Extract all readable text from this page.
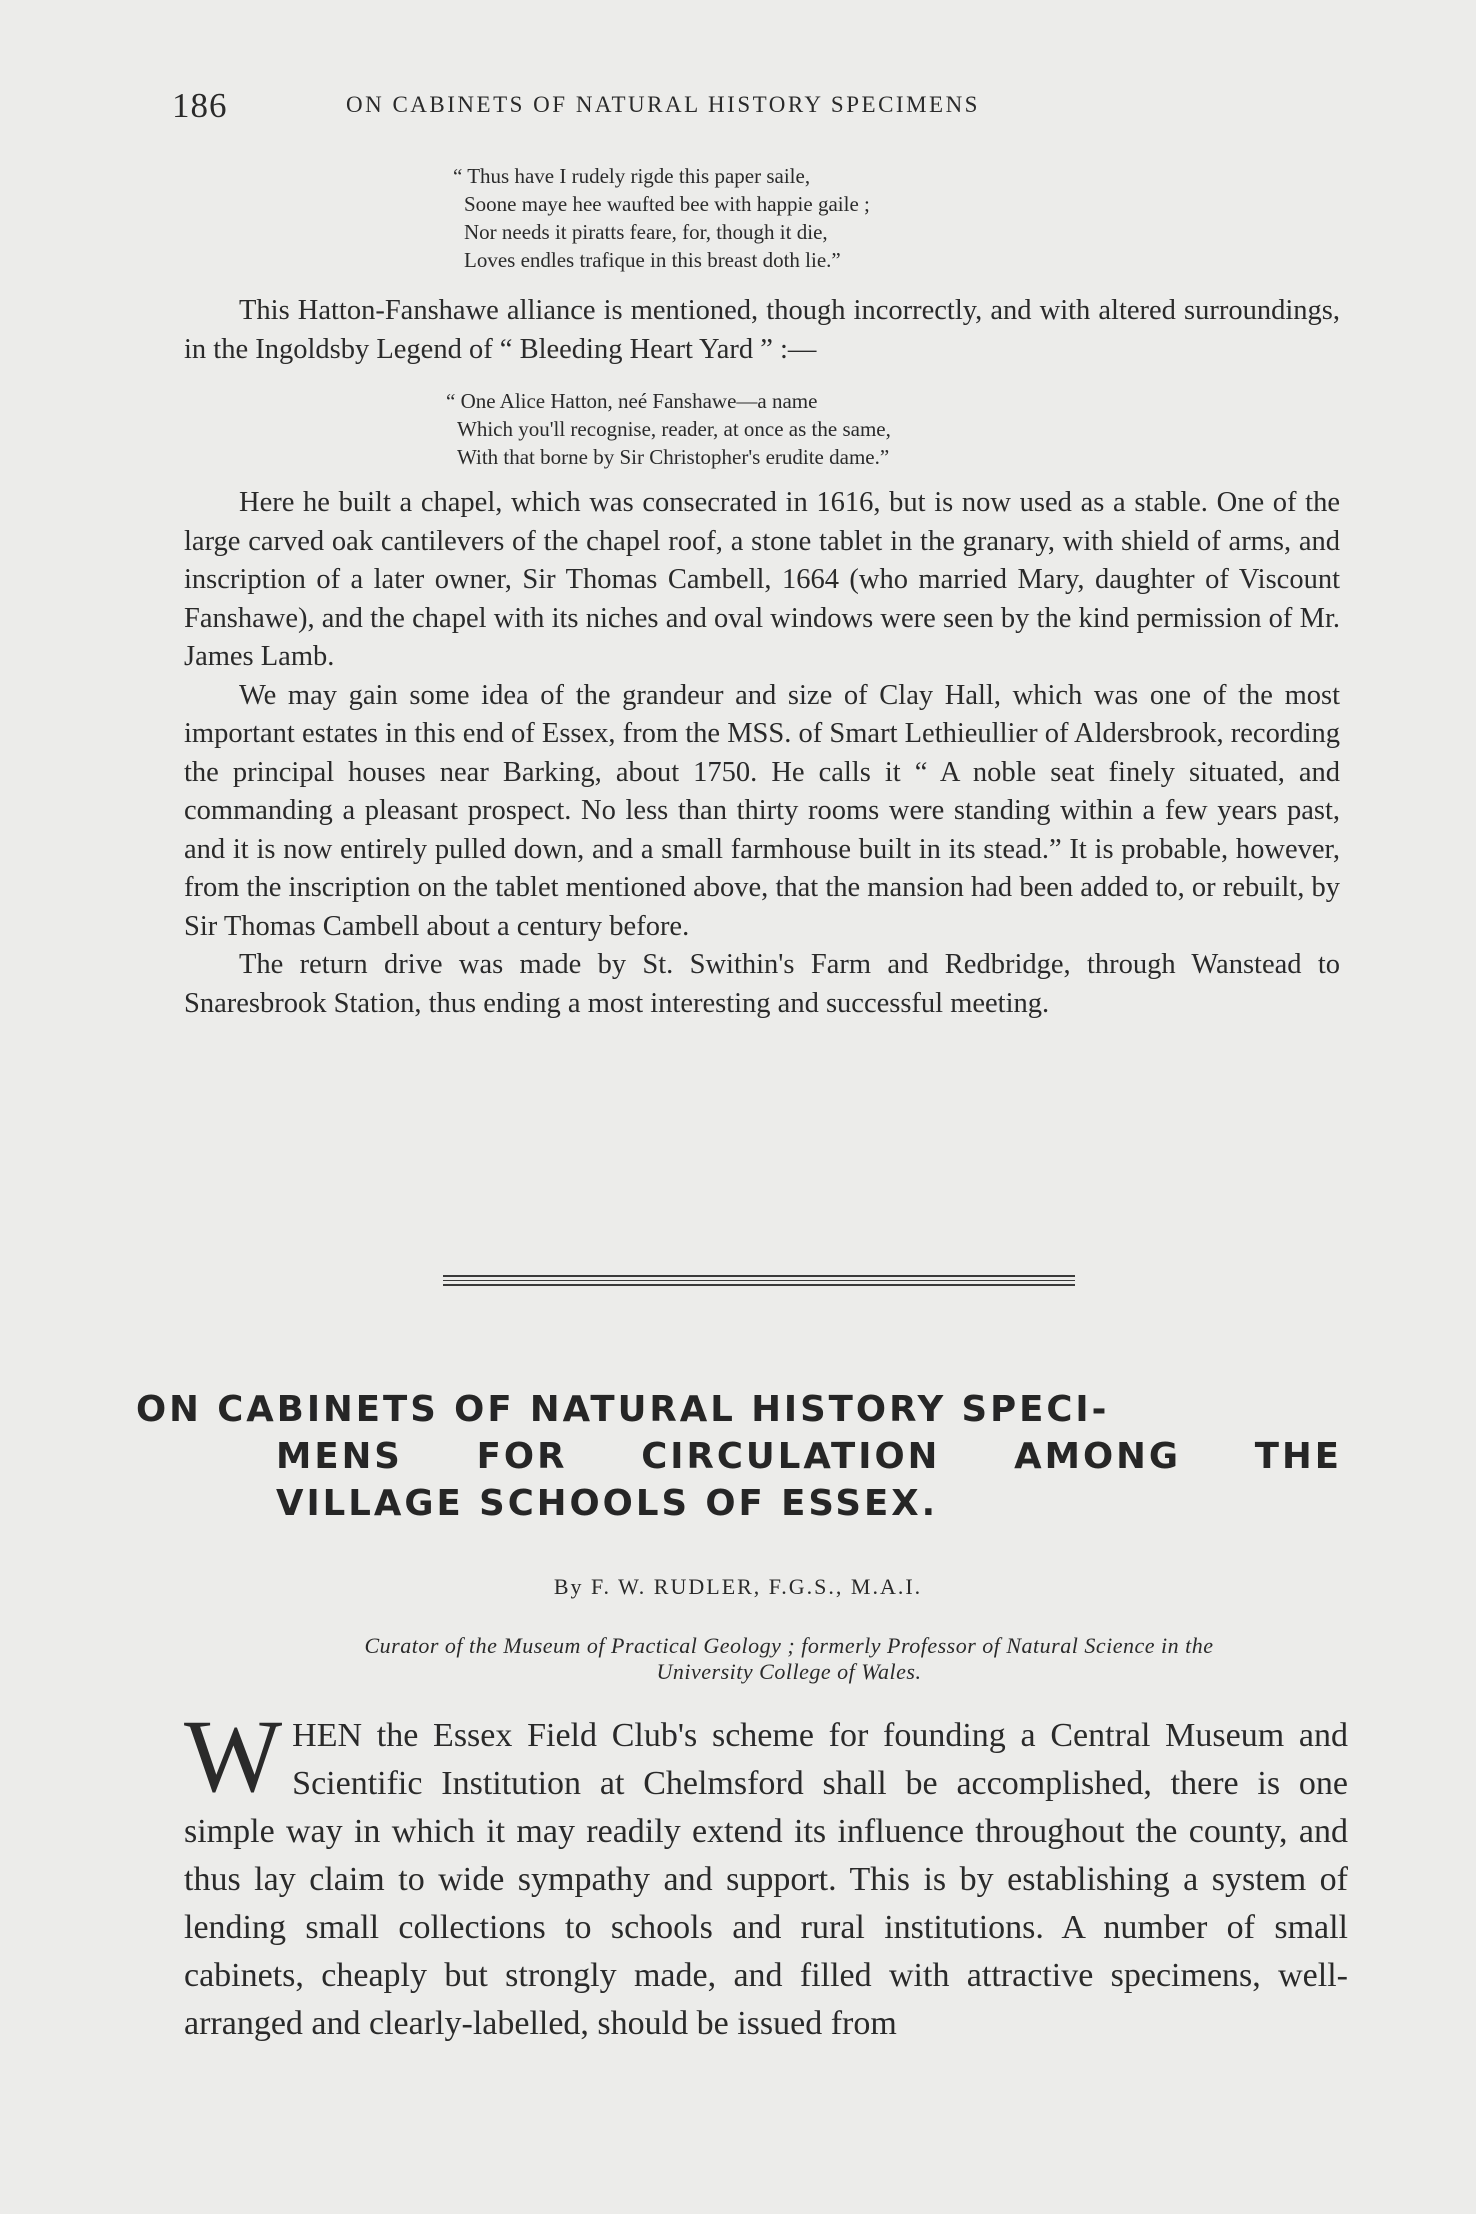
186	ON CABINETS OF NATURAL HISTORY SPECIMENS
“ Thus have I rudely rigde this paper saile,
Soone maye hee waufted bee with happie gaile ;
Nor needs it piratts feare, for, though it die,
Loves endles trafique in this breast doth lie.”

This Hatton-Fanshawe alliance is mentioned, though incorrectly, and with altered surroundings, in the Ingoldsby Legend of “ Bleeding Heart Yard ” :—

“ One Alice Hatton, neé Fanshawe—a name
Which you'll recognise, reader, at once as the same,
With that borne by Sir Christopher's erudite dame.”

Here he built a chapel, which was consecrated in 1616, but is now used as a stable. One of the large carved oak cantilevers of the chapel roof, a stone tablet in the granary, with shield of arms, and inscription of a later owner, Sir Thomas Cambell, 1664 (who married Mary, daughter of Viscount Fanshawe), and the chapel with its niches and oval windows were seen by the kind permission of Mr. James Lamb.

We may gain some idea of the grandeur and size of Clay Hall, which was one of the most important estates in this end of Essex, from the MSS. of Smart Lethieullier of Aldersbrook, recording the principal houses near Barking, about 1750. He calls it “ A noble seat finely situated, and commanding a pleasant prospect. No less than thirty rooms were standing within a few years past, and it is now entirely pulled down, and a small farmhouse built in its stead.” It is probable, however, from the inscription on the tablet mentioned above, that the mansion had been added to, or rebuilt, by Sir Thomas Cambell about a century before.

The return drive was made by St. Swithin's Farm and Redbridge, through Wanstead to Snaresbrook Station, thus ending a most interesting and successful meeting.

ON CABINETS OF NATURAL HISTORY SPECI-
MENS FOR CIRCULATION AMONG THE
VILLAGE SCHOOLS OF ESSEX.
By F. W. RUDLER, F.G.S., M.A.I.
Curator of the Museum of Practical Geology ; formerly Professor of Natural Science in the
University College of Wales.

W HEN the Essex Field Club's scheme for founding a Central Museum and Scientific Institution at Chelmsford shall be accomplished, there is one simple way in which it may readily extend its influence throughout the county, and thus lay claim to wide sympathy and support. This is by establishing a system of lending small collections to schools and rural institutions. A number of small cabinets, cheaply but strongly made, and filled with attractive specimens, well-arranged and clearly-labelled, should be issued from
